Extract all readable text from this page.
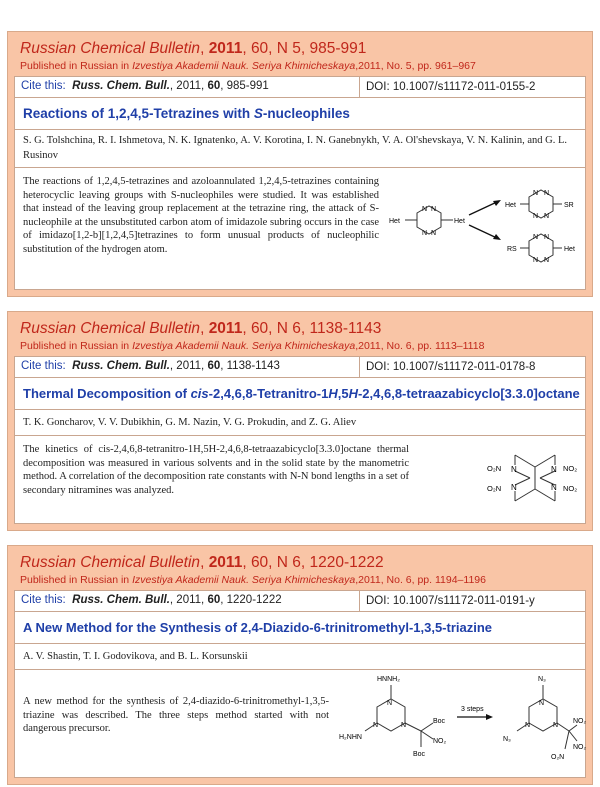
Russian Chemical Bulletin, 2011, 60, N 5, 985-991
Published in Russian in Izvestiya Akademii Nauk. Seriya Khimicheskaya,2011, No. 5, pp. 961–967
Cite this: Russ. Chem. Bull., 2011, 60, 985-991	DOI: 10.1007/s11172-011-0155-2
Reactions of 1,2,4,5-Tetrazines with S-nucleophiles
S. G. Tolshchina, R. I. Ishmetova, N. K. Ignatenko, A. V. Korotina, I. N. Ganebnykh, V. A. Ol'shevskaya, V. N. Kalinin, and G. L. Rusinov
The reactions of 1,2,4,5-tetrazines and azoloannulated 1,2,4,5-tetrazines containing heterocyclic leaving groups with S-nucleophiles were studied. It was established that instead of the leaving group replacement at the tetrazine ring, the attack of S-nucleophile at the unsubstituted carbon atom of imidazole subring occurs in the case of imidazo[1,2-b][1,2,4,5]tetrazines to form unusual products of nucleophilic substitution of the hydrogen atom.
N N
N N
Het	Het
N N
N N
Het	SR
N N
N N
RS	Het
Russian Chemical Bulletin, 2011, 60, N 6, 1138-1143
Published in Russian in Izvestiya Akademii Nauk. Seriya Khimicheskaya,2011, No. 6, pp. 1113–1118
Cite this: Russ. Chem. Bull., 2011, 60, 1138-1143	DOI: 10.1007/s11172-011-0178-8
Thermal Decomposition of cis-2,4,6,8-Tetranitro-1H,5H-2,4,6,8-tetraazabicyclo[3.3.0]octane
T. K. Goncharov, V. V. Dubikhin, G. M. Nazin, V. G. Prokudin, and Z. G. Aliev
The kinetics of cis-2,4,6,8-tetranitro-1H,5H-2,4,6,8-tetraazabicyclo[3.3.0]octane thermal decomposition was measured in various solvents and in the solid state by the manometric method. A correlation of the decomposition rate constants with N-N bond lengths in a set of secondary nitramines was analyzed.
N	N
N	N
O₂N	NO₂
O₂N	NO₂
Russian Chemical Bulletin, 2011, 60, N 6, 1220-1222
Published in Russian in Izvestiya Akademii Nauk. Seriya Khimicheskaya,2011, No. 6, pp. 1194–1196
Cite this: Russ. Chem. Bull., 2011, 60, 1220-1222	DOI: 10.1007/s11172-011-0191-y
A New Method for the Synthesis of 2,4-Diazido-6-trinitromethyl-1,3,5-triazine
A. V. Shastin, T. I. Godovikova, and B. L. Korsunskii
A new method for the synthesis of 2,4-diazido-6-trinitromethyl-1,3,5-triazine was described. The three steps method started with not dangerous precursor.
N
N	N
HNNH₂
H₂NHN
Boc
NO₂
Boc
3 steps
N
N	N
N₃
N₃
NO₂
NO₂
O₂N
